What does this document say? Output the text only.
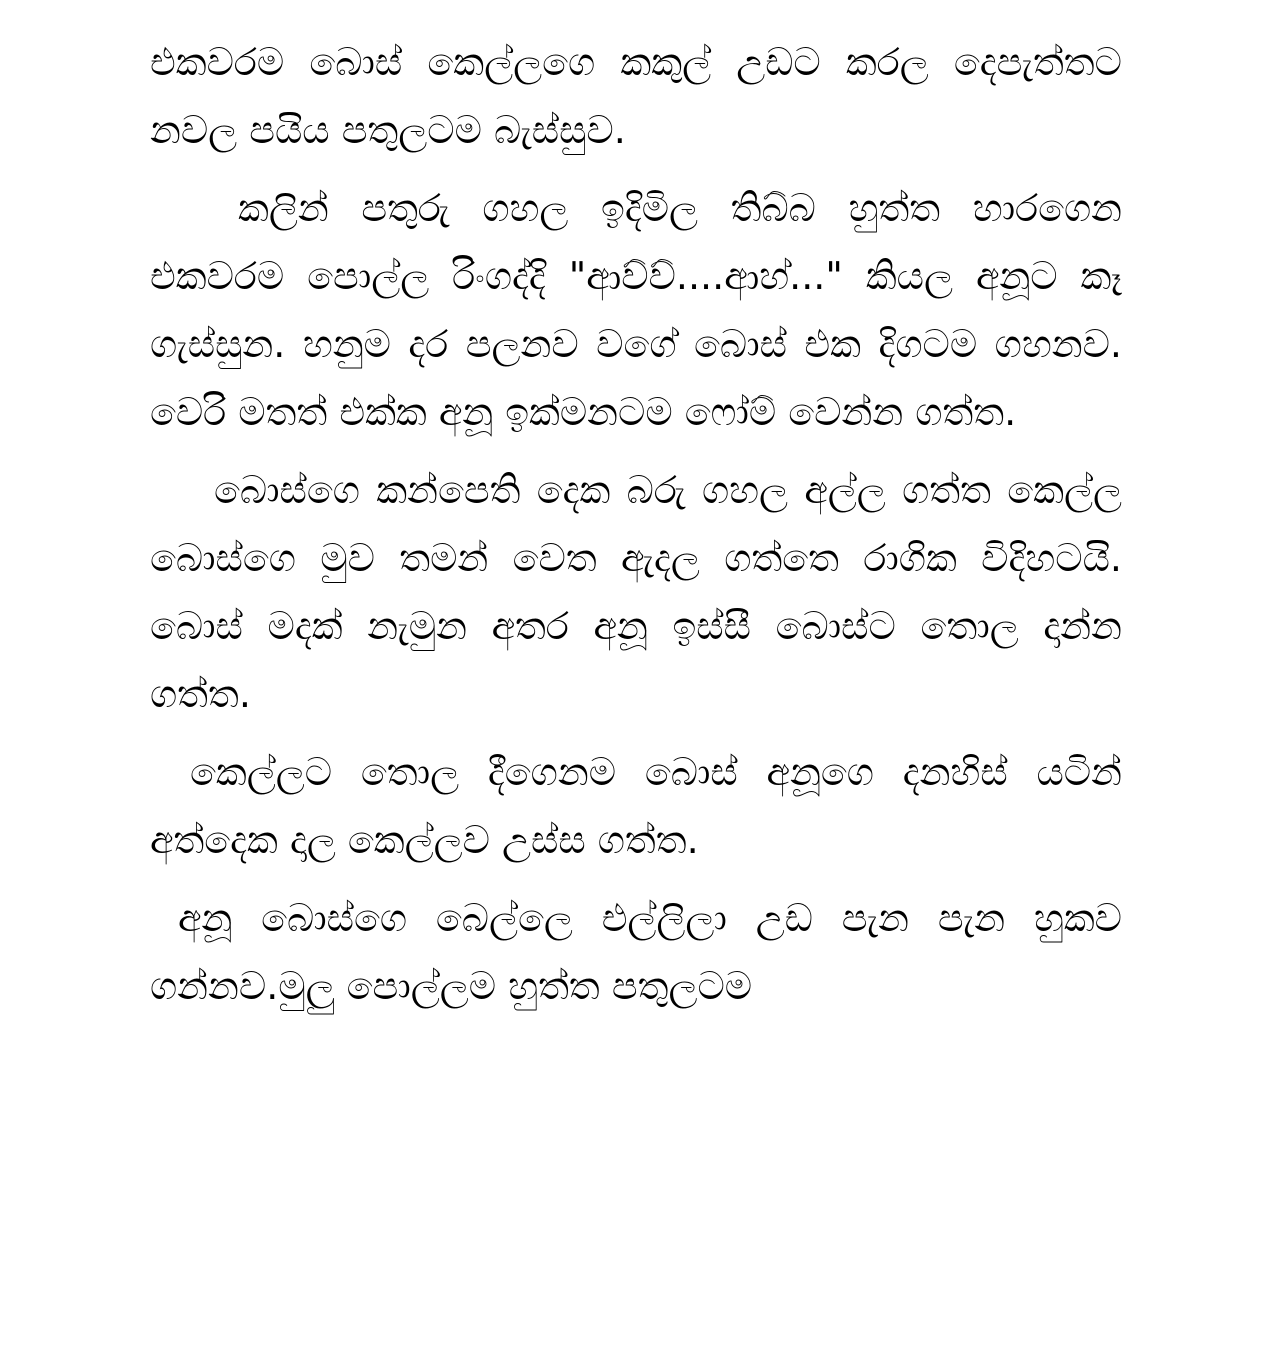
එකවරම බොස් කෙල්ලගෙ කකුල් උඩට කරල දෙපැත්තට නවල පයිය පතුලටම බැස්සුව.

කලින් පතුරු ගහල ඉදිමිල තිබ්බ හුත්ත හාරගෙන එකවරම පොල්ල රිංගද්දි "ආව්ව්....ආහ්..." කියල අනූට කෑ ගැස්සුන. හනුම දර පලනව වගේ බොස් එක දිගටම ගහනව. වෙරි මතත් එක්ක අනූ ඉක්මනටම ෆෝම් වෙන්න ගත්ත.

බොස්ගෙ කන්පෙති දෙක බරු ගහල අල්ල ගත්ත කෙල්ල බොස්ගෙ මුව තමන් වෙත ඇදල ගත්තෙ රාගික විදිහටයි. බොස් මදක් නැමුන අතර අනූ ඉස්සී බොස්ට තොල දාන්න ගත්ත.

කෙල්ලට තොල දීගෙනම බොස් අනූගෙ දනහිස් යටින් අත්දෙක දාල කෙල්ලව උස්ස ගත්ත.

අනූ බොස්ගෙ බෙල්ලෙ එල්ලිලා උඩ පැන පැන හුකව ගන්නව.මුලු පොල්ලම හුත්ත පතුලටම
